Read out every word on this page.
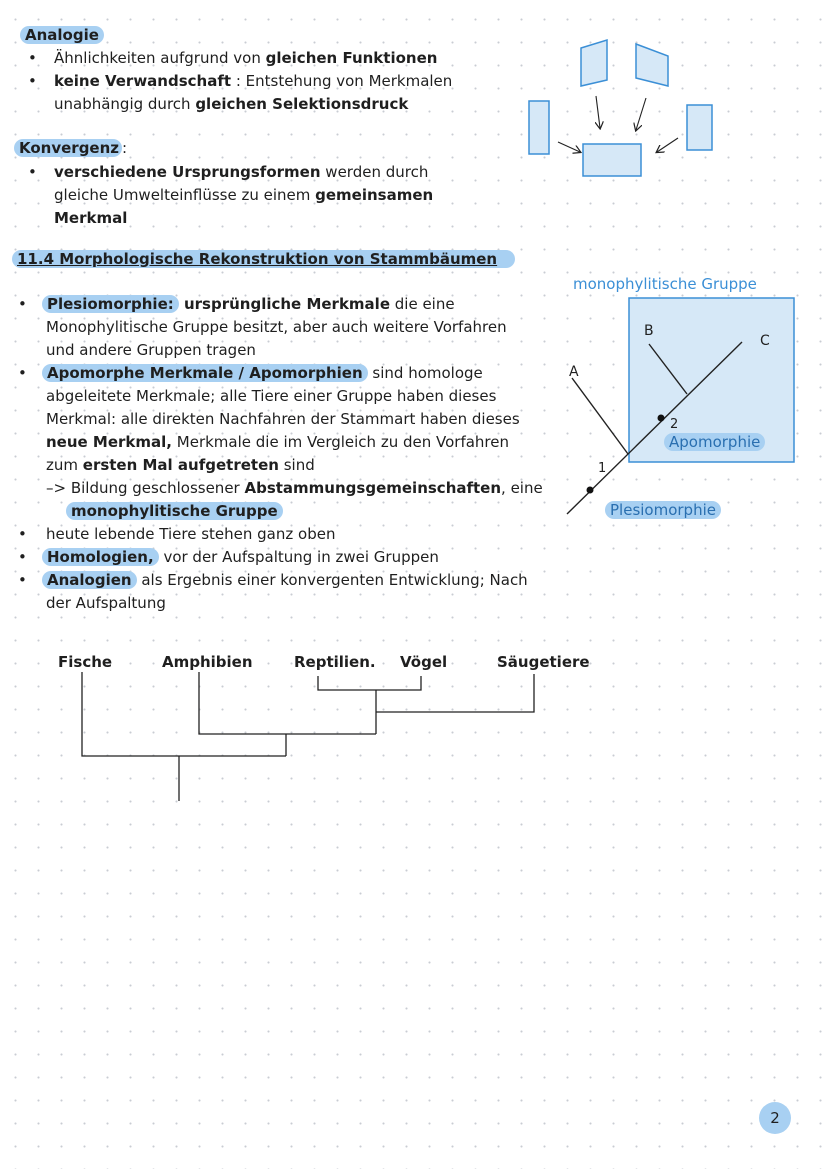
Analogie
• Ähnlichkeiten aufgrund von gleichen Funktionen
• keine Verwandschaft : Entstehung von Merkmalen
unabhängig durch gleichen Selektionsdruck
Konvergenz :
• verschiedene Ursprungsformen werden durch
gleiche Umwelteinflüsse zu einem gemeinsamen
Merkmal
11.4 Morphologische Rekonstruktion von Stammbäumen
•	Plesiomorphie: ursprüngliche Merkmale die eine
Monophylitische Gruppe besitzt, aber auch weitere Vorfahren
und andere Gruppen tragen
•	Apomorphe Merkmale / Apomorphien sind homologe
abgeleitete Merkmale; alle Tiere einer Gruppe haben dieses
Merkmal: alle direkten Nachfahren der Stammart haben dieses
neue Merkmal, Merkmale die im Vergleich zu den Vorfahren
zum ersten Mal aufgetreten sind
–> Bildung geschlossener Abstammungsgemeinschaften, eine
monophylitische Gruppe
• heute lebende Tiere stehen ganz oben
•	Homologien, vor der Aufspaltung in zwei Gruppen
•	Analogien als Ergebnis einer konvergenten Entwicklung; Nach
der Aufspaltung
monophylitische Gruppe
A
B
C
1
2
Apomorphie
Plesiomorphie
Fische	Amphibien	Reptilien. Vögel	Säugetiere
2
